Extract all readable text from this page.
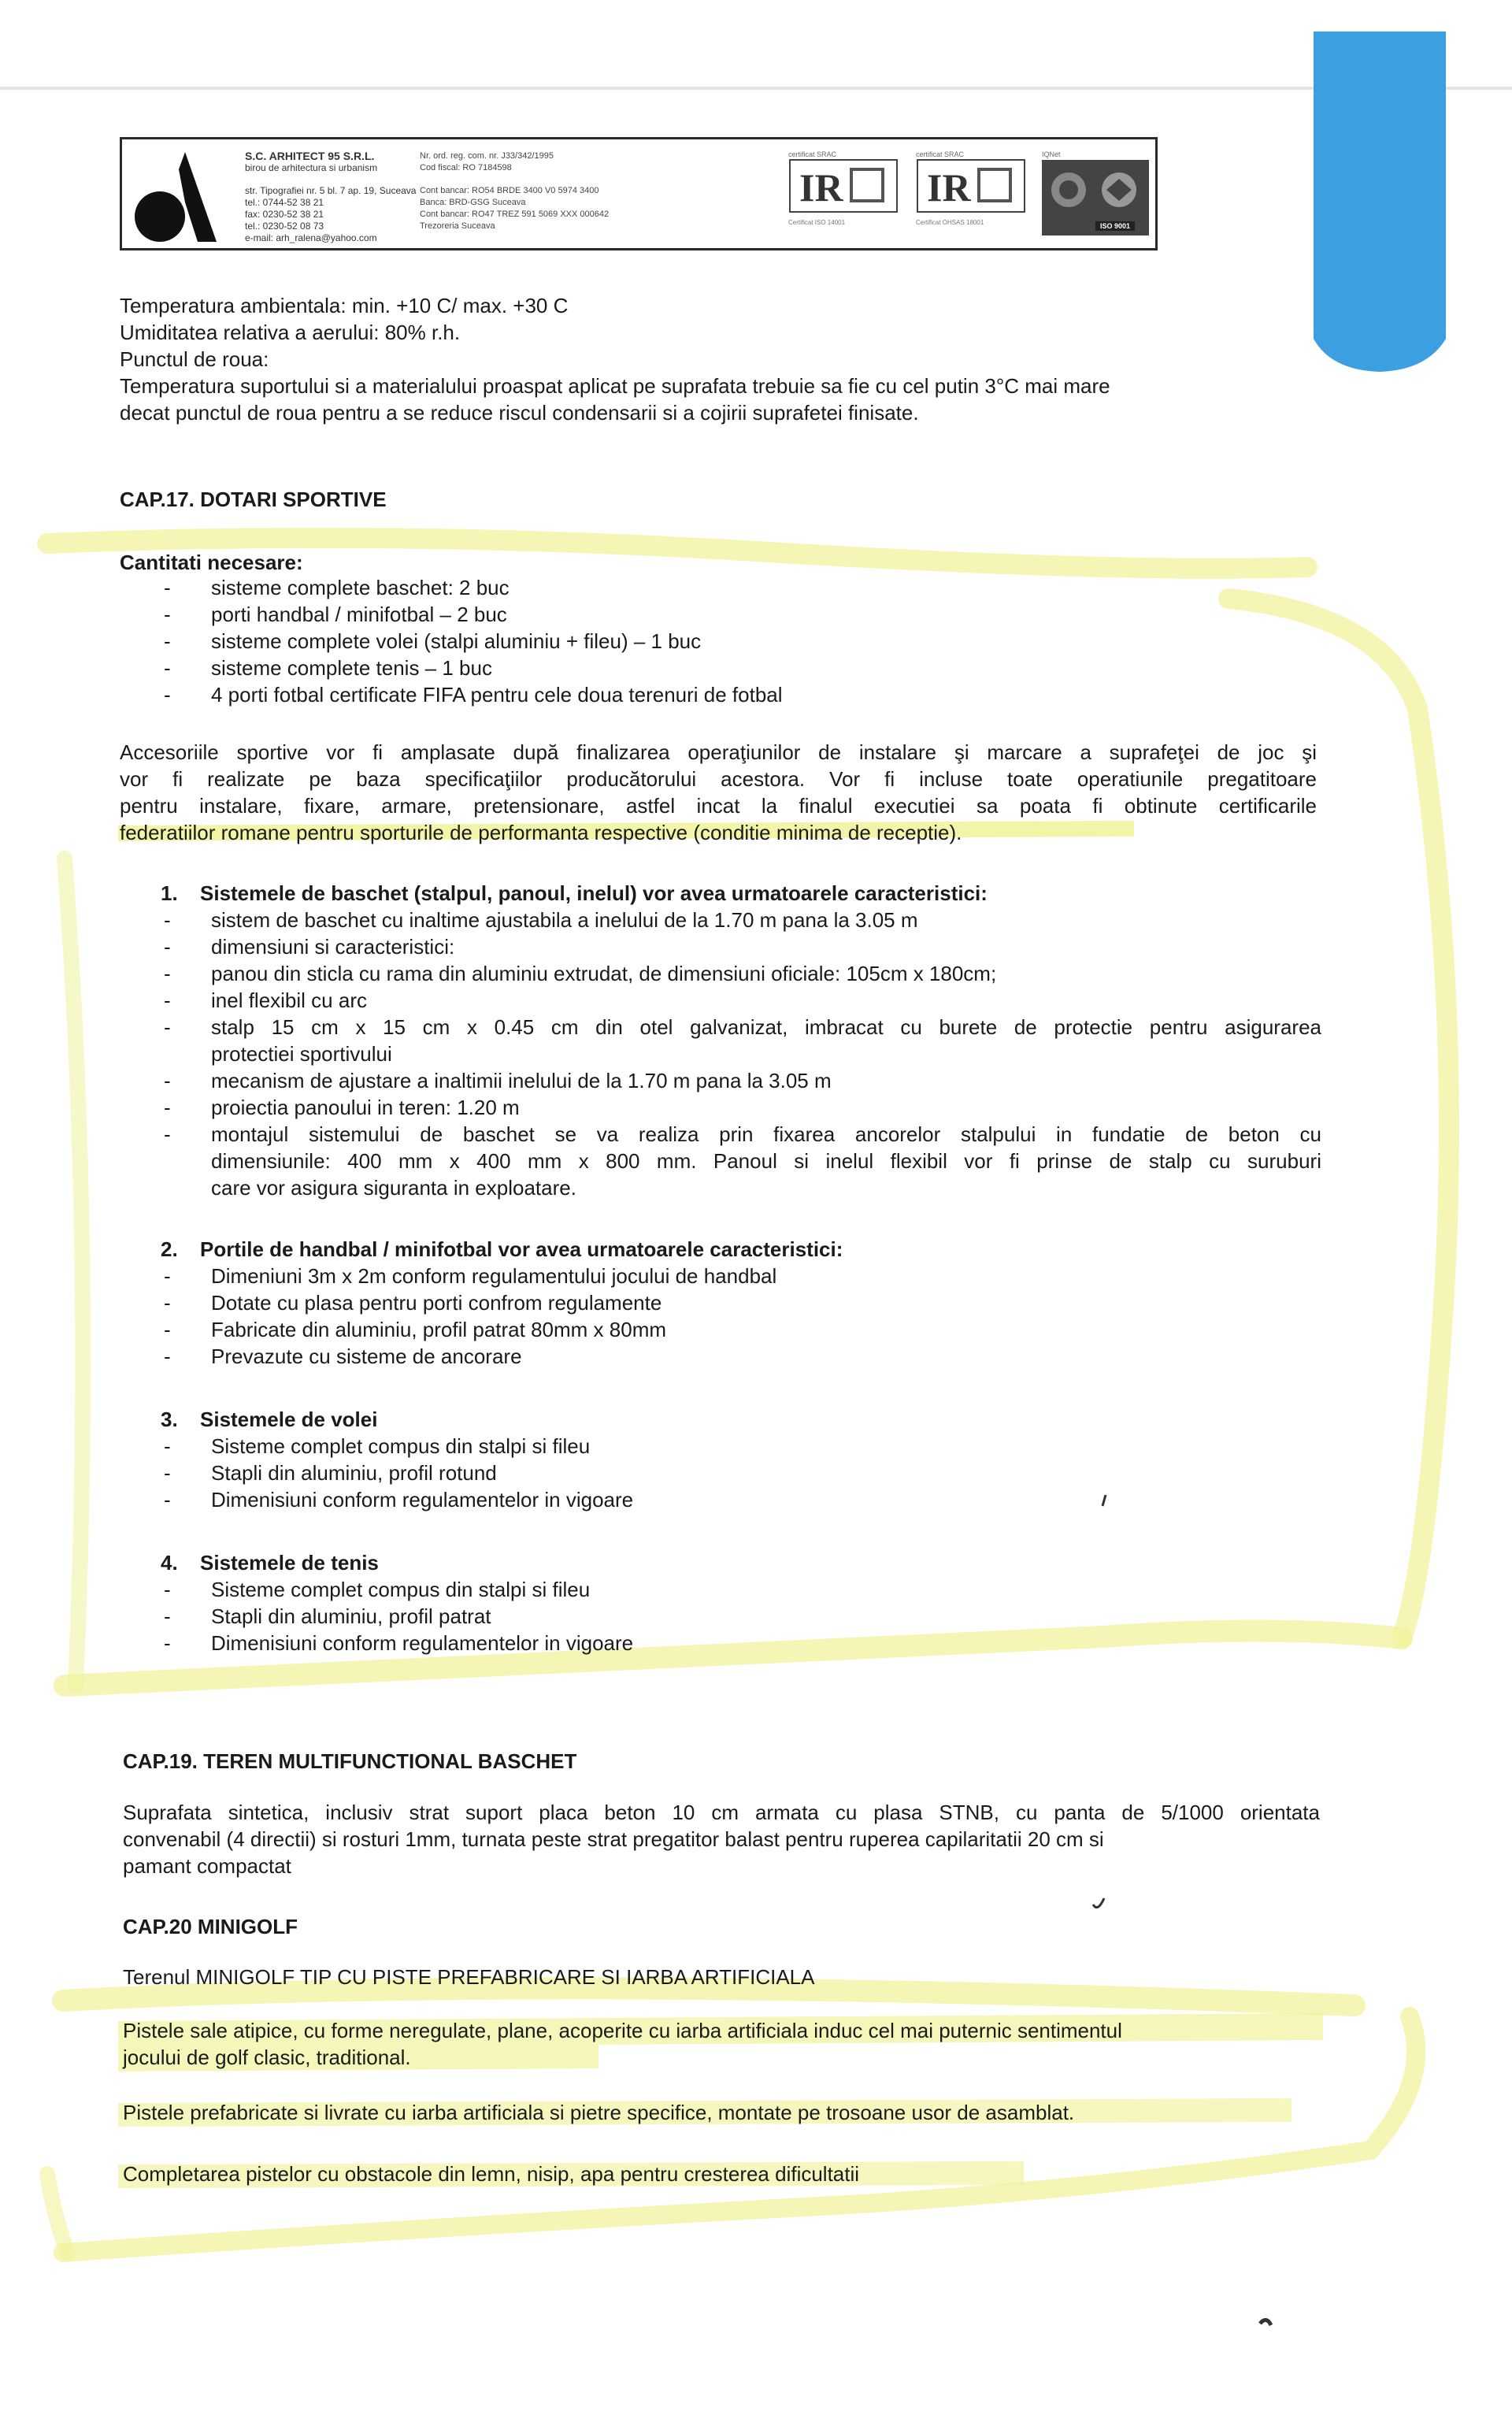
S.C. ARHITECT 95 S.R.L.
birou de arhitectura si urbanism
str. Tipografiei nr. 5 bl. 7 ap. 19, Suceava
tel.: 0744-52 38 21
fax: 0230-52 38 21
tel.: 0230-52 08 73
e-mail: arh_ralena@yahoo.com
Nr. ord. reg. com. nr. J33/342/1995
Cod fiscal: RO 7184598
Cont bancar: RO54 BRDE 3400 V0 5974 3400
Banca: BRD-GSG Suceava
Cont bancar: RO47 TREZ 591 5069 XXX 000642
Trezoreria Suceava
certificat SRAC
IR
Certificat ISO 14001
certificat SRAC
IR
Certificat OHSAS 18001
IQNet
ISO 9001
Temperatura ambientala: min. +10 C/ max. +30 C
Umiditatea relativa a aerului: 80% r.h.
Punctul de roua:
Temperatura suportului si a materialului proaspat aplicat pe suprafata trebuie sa fie cu cel putin 3°C mai mare
decat punctul de roua pentru a se reduce riscul condensarii si a cojirii suprafetei finisate.
CAP.17. DOTARI SPORTIVE
Cantitati necesare:
-	sisteme complete baschet: 2 buc
-	porti handbal / minifotbal – 2 buc
-	sisteme complete volei (stalpi aluminiu + fileu) – 1 buc
-	sisteme complete tenis – 1 buc
-	4 porti fotbal certificate FIFA pentru cele doua terenuri de fotbal
Accesoriile sportive vor fi amplasate după finalizarea operaţiunilor de instalare şi marcare a suprafeţei de joc şi
vor fi realizate pe baza specificaţiilor producătorului acestora. Vor fi incluse toate operatiunile pregatitoare
pentru instalare, fixare, armare, pretensionare, astfel incat la finalul executiei sa poata fi obtinute certificarile
federatiilor romane pentru sporturile de performanta respective (conditie minima de receptie).
1. Sistemele de baschet (stalpul, panoul, inelul) vor avea urmatoarele caracteristici:
-	sistem de baschet cu inaltime ajustabila a inelului de la 1.70 m pana la 3.05 m
-	dimensiuni si caracteristici:
-	panou din sticla cu rama din aluminiu extrudat, de dimensiuni oficiale: 105cm x 180cm;
-	inel flexibil cu arc
-	stalp 15 cm x 15 cm x 0.45 cm din otel galvanizat, imbracat cu burete de protectie pentru asigurarea
protectiei sportivului
-	mecanism de ajustare a inaltimii inelului de la 1.70 m pana la 3.05 m
-	proiectia panoului in teren: 1.20 m
-	montajul sistemului de baschet se va realiza prin fixarea ancorelor stalpului in fundatie de beton cu
dimensiunile: 400 mm x 400 mm x 800 mm. Panoul si inelul flexibil vor fi prinse de stalp cu suruburi
care vor asigura siguranta in exploatare.
2. Portile de handbal / minifotbal vor avea urmatoarele caracteristici:
-	Dimeniuni 3m x 2m conform regulamentului jocului de handbal
-	Dotate cu plasa pentru porti confrom regulamente
-	Fabricate din aluminiu, profil patrat 80mm x 80mm
-	Prevazute cu sisteme de ancorare
3. Sistemele de volei
-	Sisteme complet compus din stalpi si fileu
-	Stapli din aluminiu, profil rotund
-	Dimenisiuni conform regulamentelor in vigoare
4. Sistemele de tenis
-	Sisteme complet compus din stalpi si fileu
-	Stapli din aluminiu, profil patrat
-	Dimenisiuni conform regulamentelor in vigoare
CAP.19. TEREN MULTIFUNCTIONAL BASCHET
Suprafata sintetica, inclusiv strat suport placa beton 10 cm armata cu plasa STNB, cu panta de 5/1000 orientata
convenabil (4 directii) si rosturi 1mm, turnata peste strat pregatitor balast pentru ruperea capilaritatii 20 cm si
pamant compactat
CAP.20 MINIGOLF
Terenul MINIGOLF TIP CU PISTE PREFABRICARE SI IARBA ARTIFICIALA
Pistele sale atipice, cu forme neregulate, plane, acoperite cu iarba artificiala induc cel mai puternic sentimentul
jocului de golf clasic, traditional.
Pistele prefabricate si livrate cu iarba artificiala si pietre specifice, montate pe trosoane usor de asamblat.
Completarea pistelor cu obstacole din lemn, nisip, apa pentru cresterea dificultatii
